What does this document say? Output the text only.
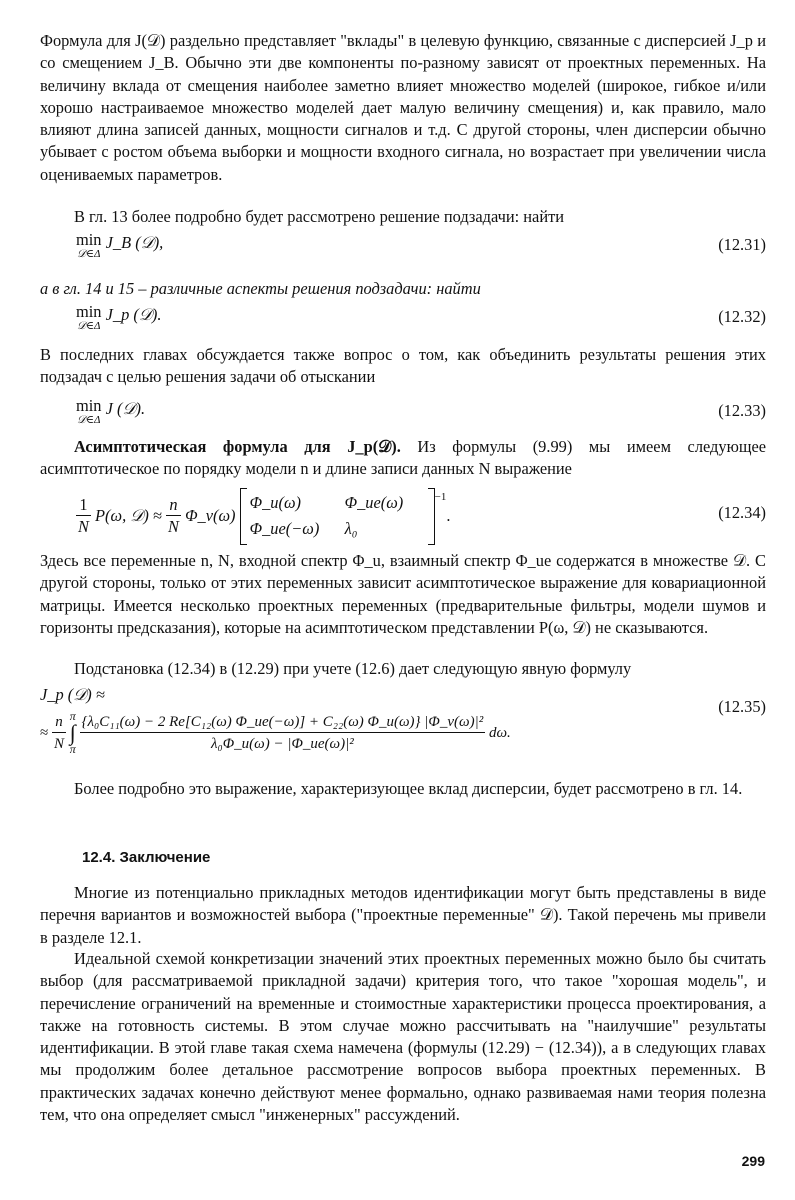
Формула для J(𝒟) раздельно представляет "вклады" в целевую функцию, связанные с дисперсией J_p и со смещением J_B. Обычно эти две компоненты по-разному зависят от проектных переменных. На величину вклада от смещения наиболее заметно влияет множество моделей (широкое, гибкое и/или хорошо настраиваемое множество моделей дает малую величину смещения) и, как правило, мало влияют длина записей данных, мощности сигналов и т.д. С другой стороны, член дисперсии обычно убывает с ростом объема выборки и мощности входного сигнала, но возрастает при увеличении числа оцениваемых параметров.

В гл. 13 более подробно будет рассмотрено решение подзадачи: найти

min
𝒟∈Δ
J_B (𝒟),	(12.31)

а в гл. 14 и 15 – различные аспекты решения подзадачи: найти

min
𝒟∈Δ
J_p (𝒟).	(12.32)

В последних главах обсуждается также вопрос о том, как объединить результаты решения этих подзадач с целью решения задачи об отыскании

min
𝒟∈Δ
J (𝒟).	(12.33)

Асимптотическая формула для J_p(𝒟). Из формулы (9.99) мы имеем следующее асимптотическое по порядку модели n и длине записи данных N выражение

$\frac{1}{N} P(\omega$, 𝒟) ≈ $\frac{n}{N}$ Φ_v(ω)
Φ_u(ω)	Φ_ue(ω)
Φ_ue(−ω)	λ₀
$^{-1}$.	(12.34)

Здесь все переменные n, N, входной спектр Φ_u, взаимный спектр Φ_ue содержатся в множестве 𝒟. С другой стороны, только от этих переменных зависит асимптотическое выражение для ковариационной матрицы. Имеется несколько проектных переменных (предварительные фильтры, модели шумов и горизонты предсказания), которые на асимптотическом представлении P(ω, 𝒟) не сказываются.

Подстановка (12.34) в (12.29) при учете (12.6) дает следующую явную формулу

J_p (𝒟) ≈
≈ $\frac{n}{N}$ π
∫
π $\frac{\text{\{λ₀C₁₁(ω) − 2 Re[C₁₂(ω) Φ\_ue(−ω)] + C₂₂(ω) Φ\_u(ω)\} |Φ\_v(ω)|²}}{\text{λ₀Φ\_u(ω) − |Φ\_ue(ω)|²}} d\omega$.
(12.35)

Более подробно это выражение, характеризующее вклад дисперсии, будет рассмотрено в гл. 14.

12.4. Заключение

Многие из потенциально прикладных методов идентификации могут быть представлены в виде перечня вариантов и возможностей выбора ("проектные переменные" 𝒟). Такой перечень мы привели в разделе 12.1.

Идеальной схемой конкретизации значений этих проектных переменных можно было бы считать выбор (для рассматриваемой прикладной задачи) критерия того, что такое "хорошая модель", и перечисление ограничений на временные и стоимостные характеристики процесса проектирования, а также на готовность системы. В этом случае можно рассчитывать на "наилучшие" результаты идентификации. В этой главе такая схема намечена (формулы (12.29) − (12.34)), а в следующих главах мы продолжим более детальное рассмотрение вопросов выбора проектных переменных. В практических задачах конечно действуют менее формально, однако развиваемая нами теория полезна тем, что она определяет смысл "инженерных" рассуждений.

299
